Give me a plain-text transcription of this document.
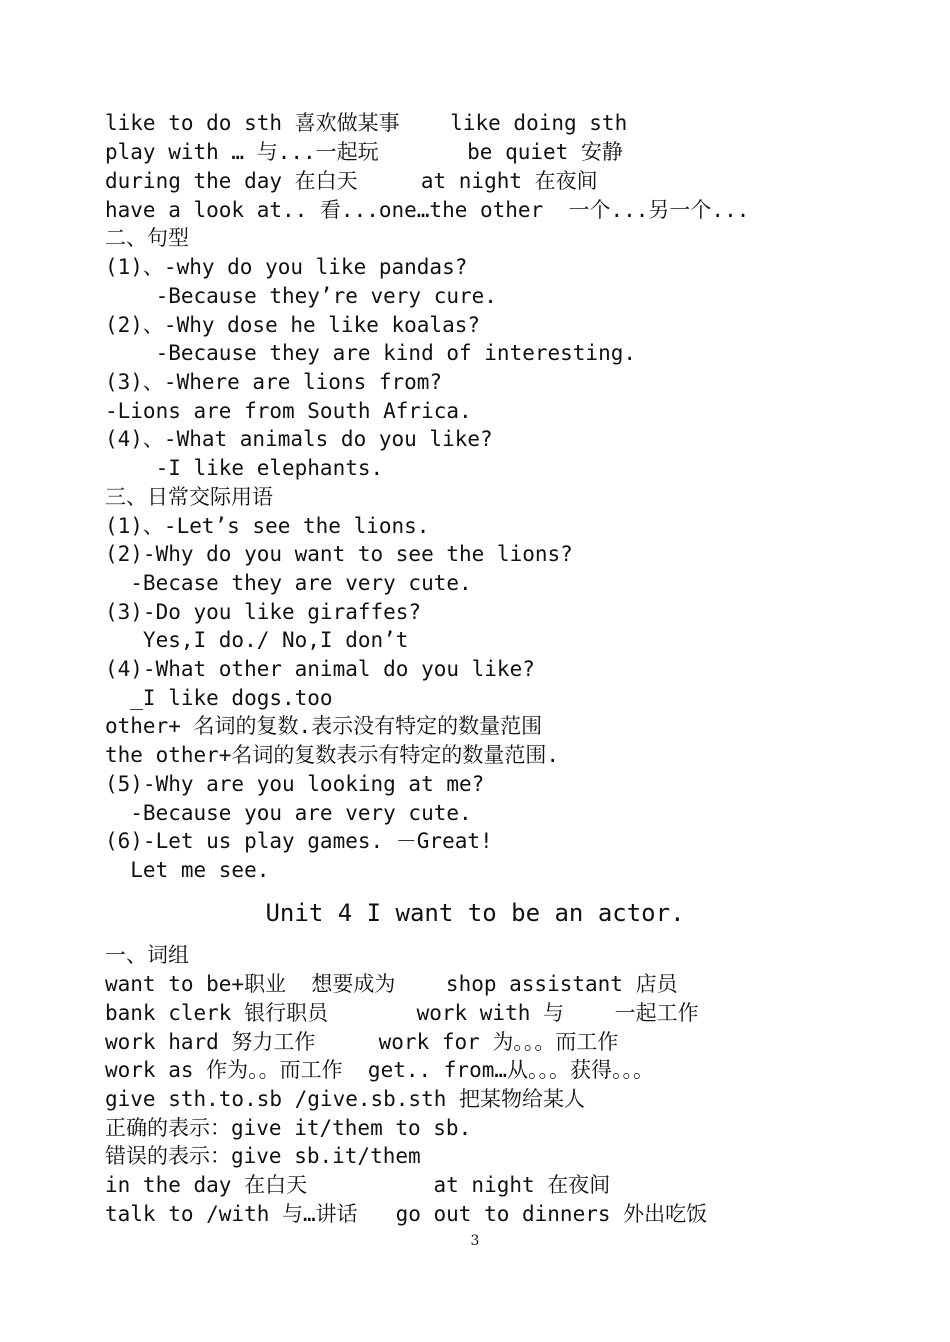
like to do sth 喜欢做某事    like doing sth
play with … 与...一起玩       be quiet 安静
during the day 在白天     at night 在夜间
have a look at.. 看...one…the other  一个...另一个...
二、句型
(1)、-why do you like pandas?
-Because they’re very cure.
(2)、-Why dose he like koalas?
-Because they are kind of interesting.
(3)、-Where are lions from?
-Lions are from South Africa.
(4)、-What animals do you like?
-I like elephants.
三、日常交际用语
(1)、-Let’s see the lions.
(2)-Why do you want to see the lions?
-Becase they are very cute.
(3)-Do you like giraffes?
Yes,I do./ No,I don’t
(4)-What other animal do you like?
_I like dogs.too
other+ 名词的复数.表示没有特定的数量范围
the other+名词的复数表示有特定的数量范围.
(5)-Why are you looking at me?
-Because you are very cute.
(6)-Let us play games. －Great!
Let me see.
Unit 4 I want to be an actor.
一、词组
want to be+职业  想要成为    shop assistant 店员
bank clerk 银行职员       work with 与    一起工作
work hard 努力工作     work for 为。。。而工作
work as 作为。。而工作  get.. from…从。。。获得。。。
give sth.to.sb /give.sb.sth 把某物给某人
正确的表示：give it/them to sb.
错误的表示：give sb.it/them
in the day 在白天          at night 在夜间
talk to /with 与…讲话   go out to dinners 外出吃饭
3
